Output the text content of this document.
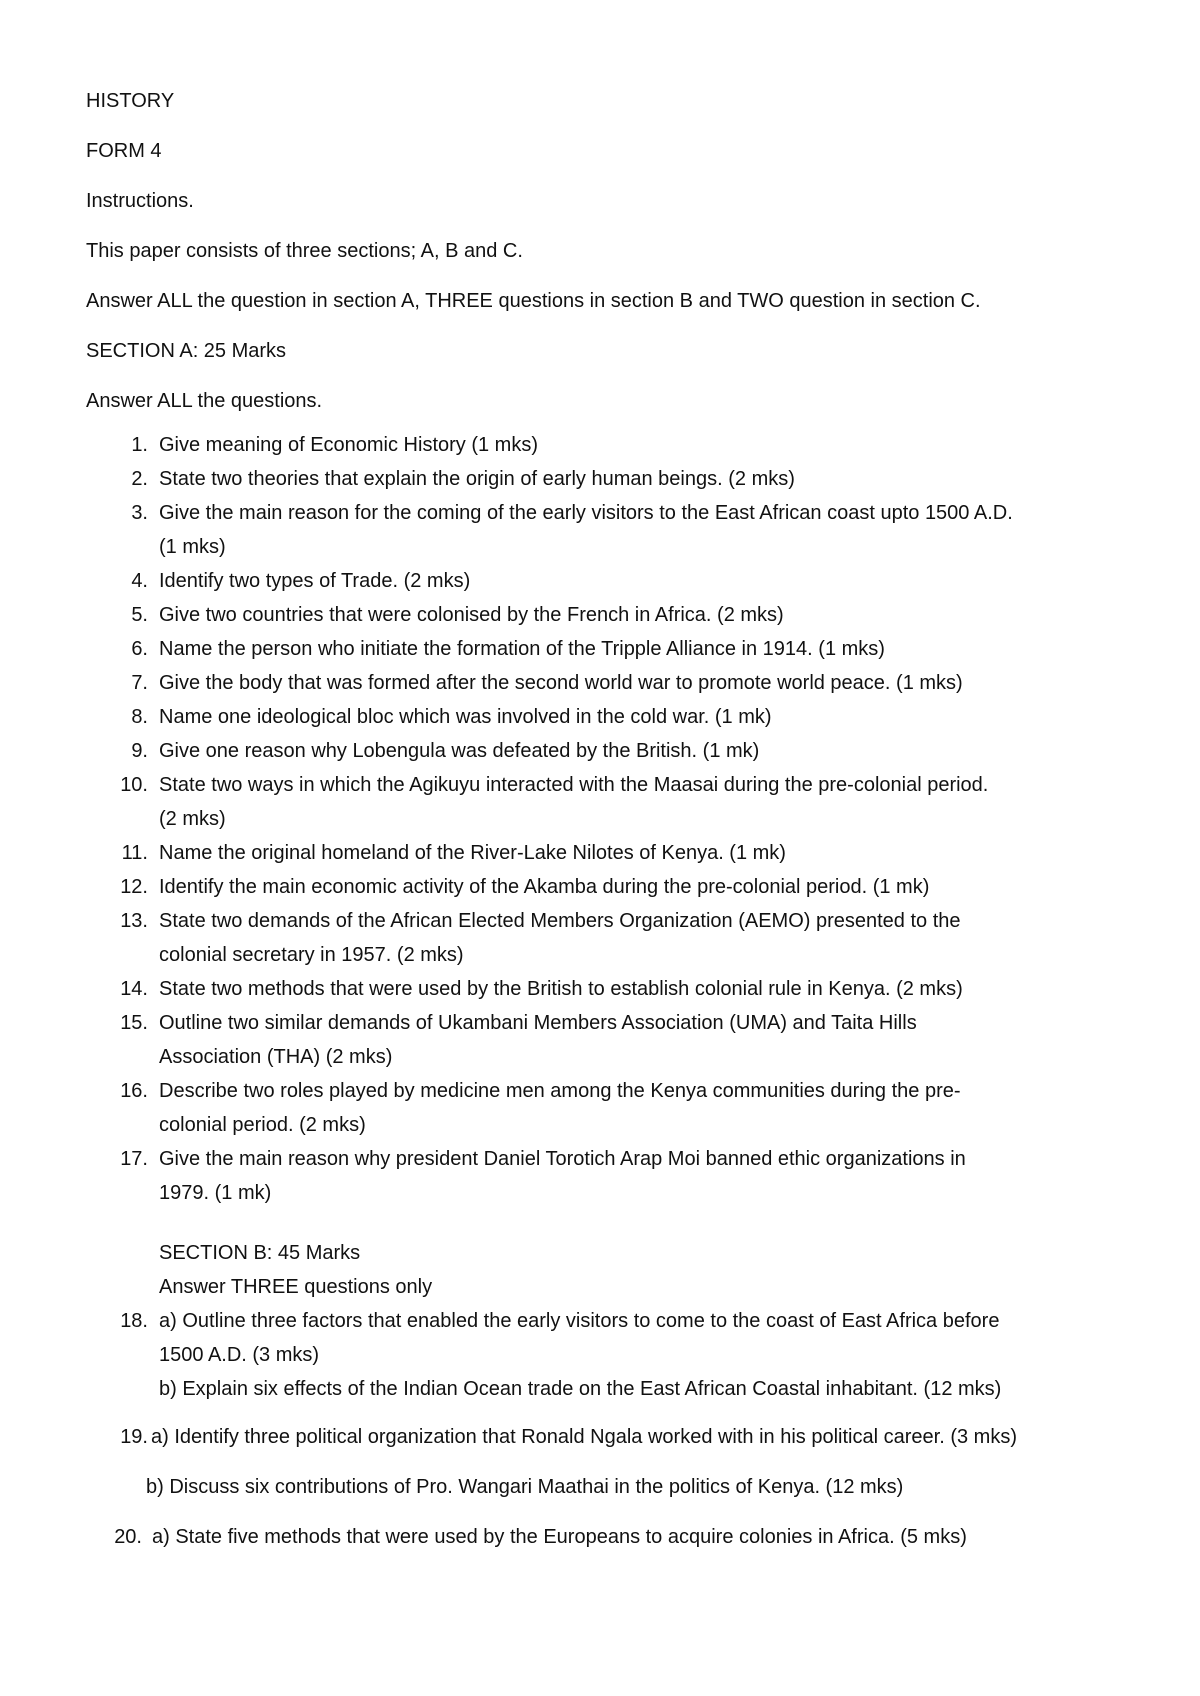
HISTORY

FORM 4

Instructions.

This paper consists of three sections; A, B and C.

Answer ALL the question in section A, THREE questions in section B and TWO question in section C.

SECTION A: 25 Marks

Answer ALL the questions.

1. Give meaning of Economic History (1 mks)
2. State two theories that explain the origin of early human beings. (2 mks)
3. Give the main reason for the coming of the early visitors to the East African coast upto 1500 A.D.
(1 mks)
4. Identify two types of Trade. (2 mks)
5. Give two countries that were colonised by the French in Africa. (2 mks)
6. Name the person who initiate the formation of the Tripple Alliance in 1914. (1 mks)
7. Give the body that was formed after the second world war to promote world peace. (1 mks)
8. Name one ideological bloc which was involved in the cold war. (1 mk)
9. Give one reason why Lobengula was defeated by the British. (1 mk)
10. State two ways in which the Agikuyu interacted with the Maasai during the pre-colonial period.
(2 mks)
11. Name the original homeland of the River-Lake Nilotes of Kenya. (1 mk)
12. Identify the main economic activity of the Akamba during the pre-colonial period. (1 mk)
13. State two demands of the African Elected Members Organization (AEMO) presented to the
colonial secretary in 1957. (2 mks)
14. State two methods that were used by the British to establish colonial rule in Kenya. (2 mks)
15. Outline two similar demands of Ukambani Members Association (UMA) and Taita Hills
Association (THA) (2 mks)
16. Describe two roles played by medicine men among the Kenya communities during the pre-
colonial period. (2 mks)
17. Give the main reason why president Daniel Torotich Arap Moi banned ethic organizations in
1979. (1 mk)
SECTION B: 45 Marks
Answer THREE questions only
18. a) Outline three factors that enabled the early visitors to come to the coast of East Africa before
1500 A.D. (3 mks)
b) Explain six effects of the Indian Ocean trade on the East African Coastal inhabitant. (12 mks)
19. a) Identify three political organization that Ronald Ngala worked with in his political career. (3 mks)
b) Discuss six contributions of Pro. Wangari Maathai in the politics of Kenya. (12 mks)
20. a) State five methods that were used by the Europeans to acquire colonies in Africa. (5 mks)
